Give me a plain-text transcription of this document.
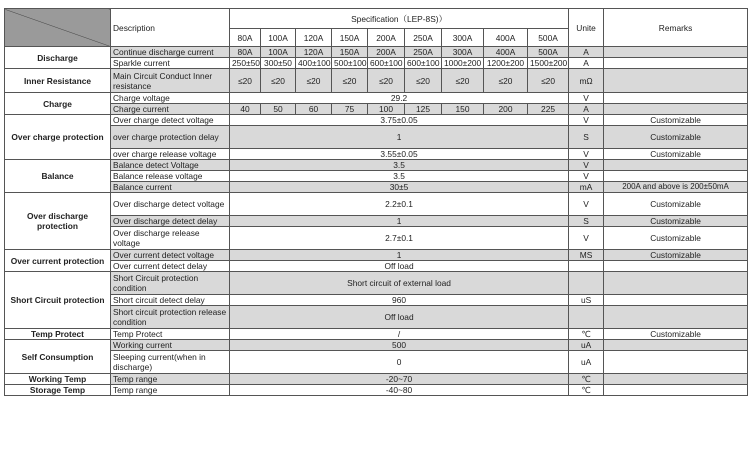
	Description	Specification（LEP-8S)）									Unite	Remarks
		80A	100A	120A	150A	200A	250A	300A	400A	500A		
Discharge	Continue discharge current	80A	100A	120A	150A	200A	250A	300A	400A	500A	A	
	Sparkle current	250±50	300±50	400±100	500±100	600±100	600±100	1000±200	1200±200	1500±200	A	
Inner Resistance	Main Circuit Conduct Inner resistance	≤20	≤20	≤20	≤20	≤20	≤20	≤20	≤20	≤20	mΩ	
Charge	Charge voltage	29.2									V	
	Charge current	40	50	60	75	100	125	150	200	225	A	
Over charge protection	Over charge detect voltage	3.75±0.05									V	Customizable
	over charge protection delay	1									S	Customizable
	over charge release voltage	3.55±0.05									V	Customizable
Balance	Balance detect Voltage	3.5									V	
	Balance release voltage	3.5									V	
	Balance current	30±5									mA	200A and above is 200±50mA
Over discharge protection	Over discharge detect voltage	2.2±0.1									V	Customizable
	Over discharge detect delay	1									S	Customizable
	Over discharge release voltage	2.7±0.1									V	Customizable
Over current protection	Over current detect voltage	1									MS	Customizable
	Over current detect delay	Off load										
Short Circuit protection	Short Circuit protection condition	Short circuit of external load										
	Short circuit detect delay	960									uS	
	Short circuit protection release condition	Off load										
Temp Protect	Temp Protect	/									℃	Customizable
Self Consumption	Working current	500									uA	
	Sleeping current(when in discharge)	0									uA	
Working Temp	Temp range	-20~70									℃	
Storage Temp	Temp range	-40~80									℃	
